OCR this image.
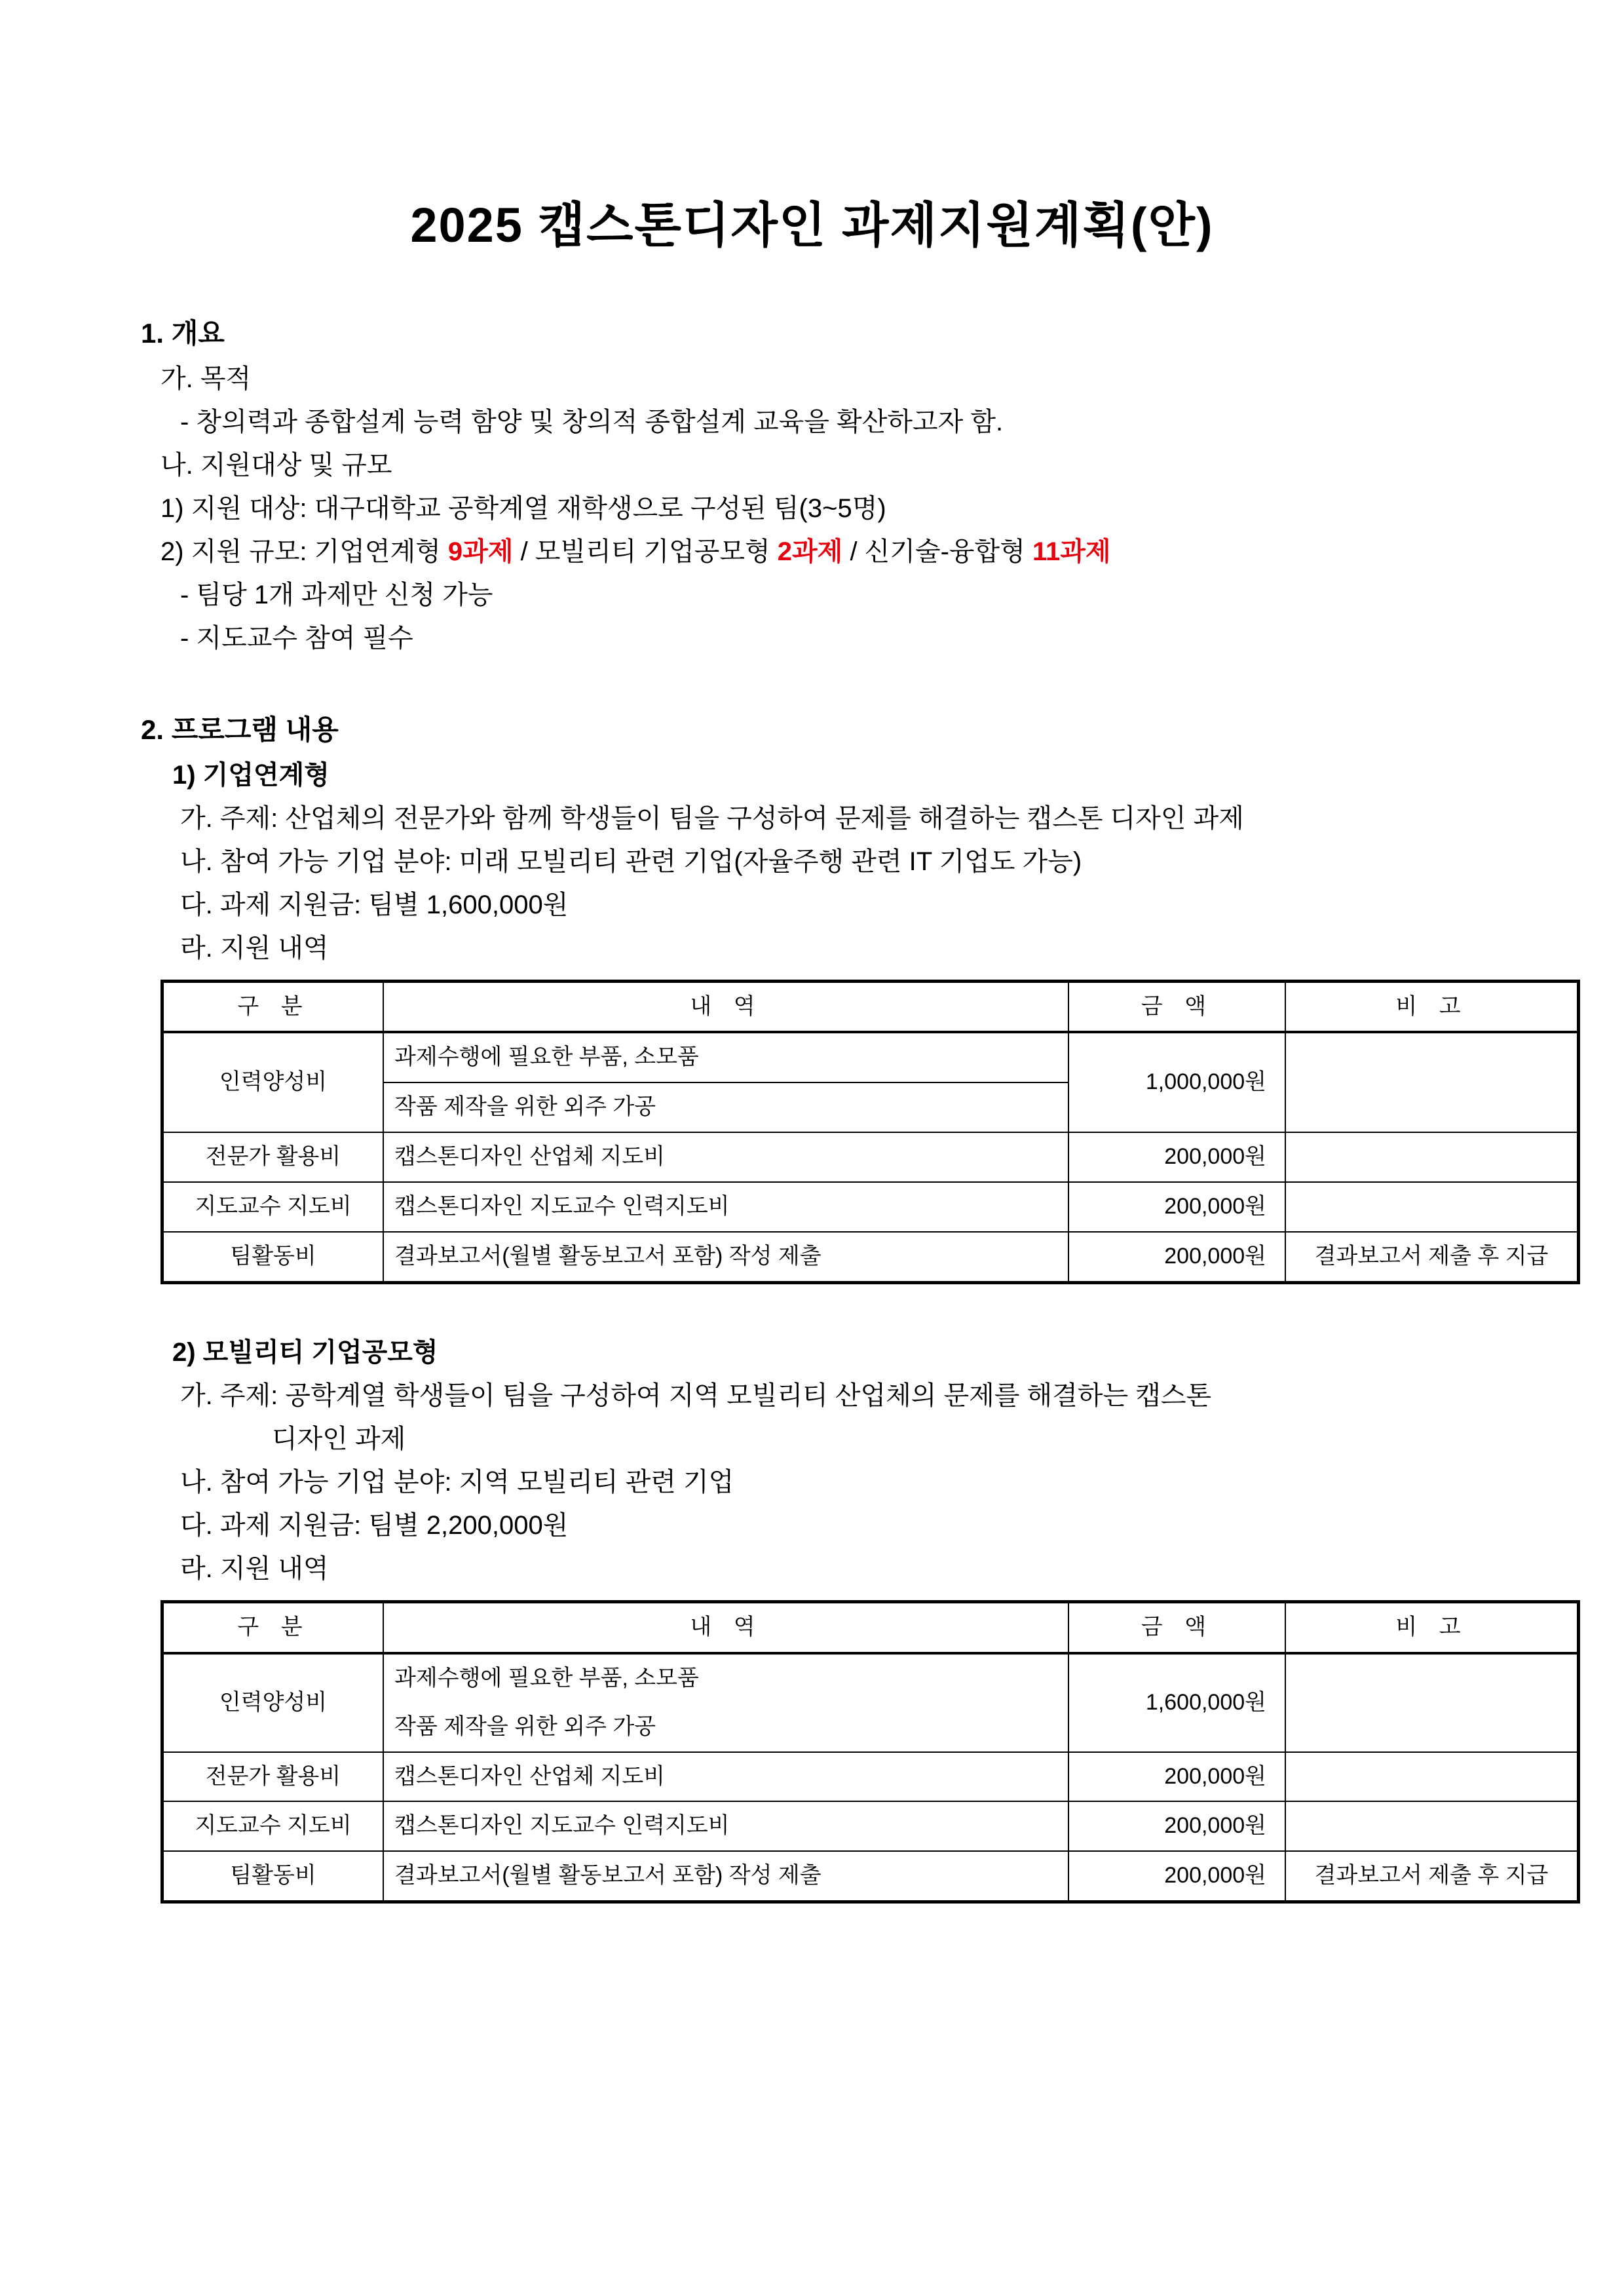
2025 캡스톤디자인 과제지원계획(안)
1. 개요
가. 목적
- 창의력과 종합설계 능력 함양 및 창의적 종합설계 교육을 확산하고자 함.
나. 지원대상 및 규모
1) 지원 대상: 대구대학교 공학계열 재학생으로 구성된 팀(3~5명)
2) 지원 규모: 기업연계형 9과제 / 모빌리티 기업공모형 2과제 / 신기술-융합형 11과제
- 팀당 1개 과제만 신청 가능
- 지도교수 참여 필수
2. 프로그램 내용
1) 기업연계형
가. 주제: 산업체의 전문가와 함께 학생들이 팀을 구성하여 문제를 해결하는 캡스톤 디자인 과제
나. 참여 가능 기업 분야: 미래 모빌리티 관련 기업(자율주행 관련 IT 기업도 가능)
다. 과제 지원금: 팀별 1,600,000원
라. 지원 내역
구 분	내 역	금 액	비 고
인력양성비	과제수행에 필요한 부품, 소모품	1,000,000원	
	작품 제작을 위한 외주 가공		
전문가 활용비	캡스톤디자인 산업체 지도비	200,000원	
지도교수 지도비	캡스톤디자인 지도교수 인력지도비	200,000원	
팀활동비	결과보고서(월별 활동보고서 포함) 작성 제출	200,000원	결과보고서 제출 후 지급
2) 모빌리티 기업공모형
가. 주제: 공학계열 학생들이 팀을 구성하여 지역 모빌리티 산업체의 문제를 해결하는 캡스톤
디자인 과제
나. 참여 가능 기업 분야: 지역 모빌리티 관련 기업
다. 과제 지원금: 팀별 2,200,000원
라. 지원 내역
구 분	내 역	금 액	비 고
인력양성비	과제수행에 필요한 부품, 소모품	1,600,000원	
	작품 제작을 위한 외주 가공		
전문가 활용비	캡스톤디자인 산업체 지도비	200,000원	
지도교수 지도비	캡스톤디자인 지도교수 인력지도비	200,000원	
팀활동비	결과보고서(월별 활동보고서 포함) 작성 제출	200,000원	결과보고서 제출 후 지급
